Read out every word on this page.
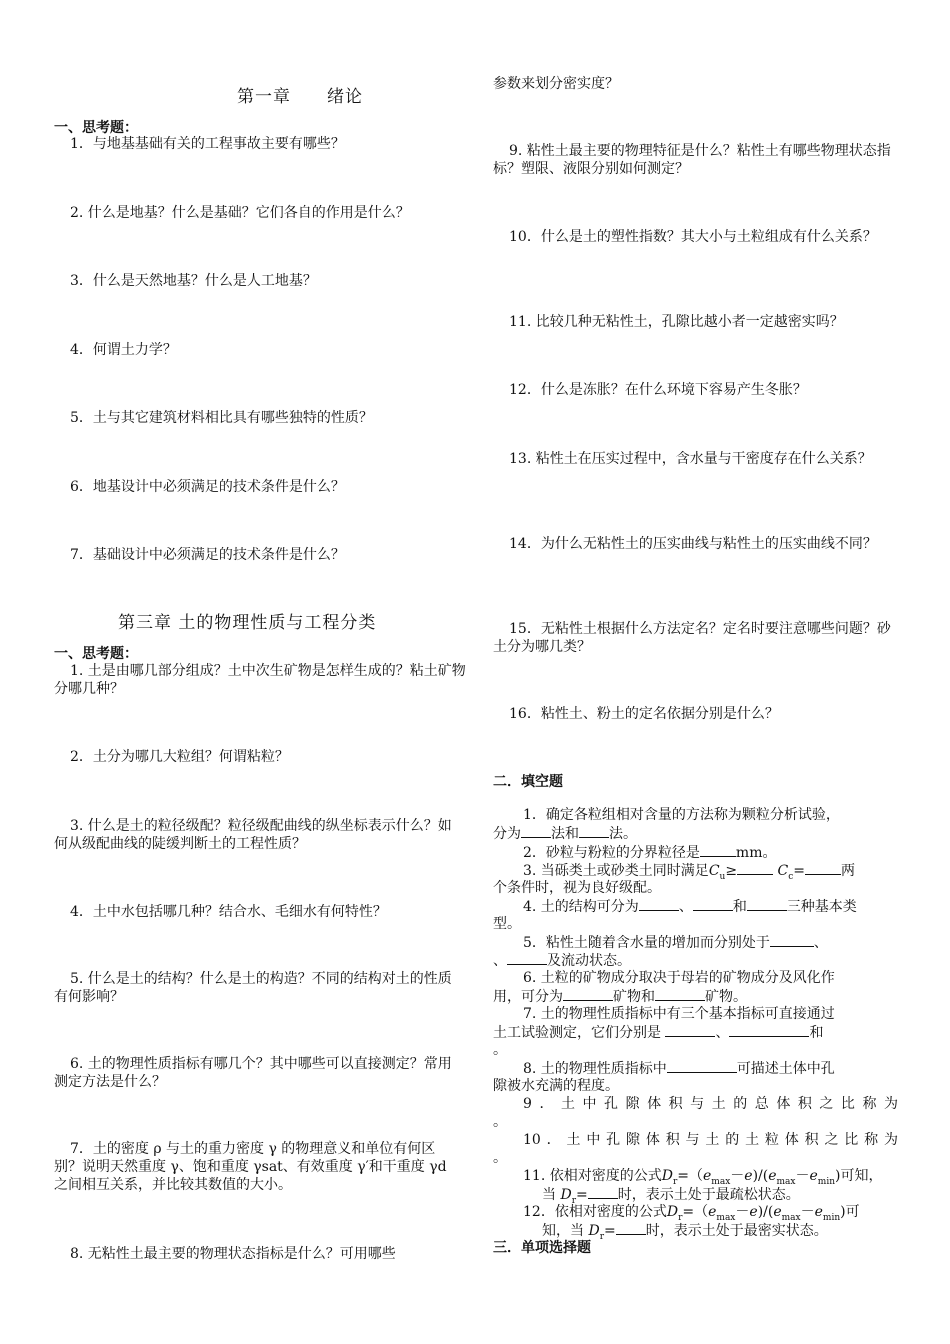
第一章　　绪论
一、思考题：
1．与地基基础有关的工程事故主要有哪些？
2. 什么是地基？什么是基础？它们各自的作用是什么？
3．什么是天然地基？什么是人工地基？
4．何谓土力学？
5．土与其它建筑材料相比具有哪些独特的性质？
6．地基设计中必须满足的技术条件是什么？
7．基础设计中必须满足的技术条件是什么？
第三章 土的物理性质与工程分类
一、思考题：
1. 土是由哪几部分组成？土中次生矿物是怎样生成的？粘土矿物分哪几种？
2．土分为哪几大粒组？何谓粘粒？
3. 什么是土的粒径级配？粒径级配曲线的纵坐标表示什么？如何从级配曲线的陡缓判断土的工程性质？
4．土中水包括哪几种？结合水、毛细水有何特性？
5. 什么是土的结构？什么是土的构造？不同的结构对土的性质有何影响？
6. 土的物理性质指标有哪几个？其中哪些可以直接测定？常用测定方法是什么？
7．土的密度 ρ 与土的重力密度 γ 的物理意义和单位有何区别？说明天然重度 γ、饱和重度 γsat、有效重度 γ′和干重度 γd 之间相互关系，并比较其数值的大小。
8. 无粘性土最主要的物理状态指标是什么？可用哪些
参数来划分密实度？
9. 粘性土最主要的物理特征是什么？粘性土有哪些物理状态指标？塑限、液限分别如何测定？
10．什么是土的塑性指数？其大小与土粒组成有什么关系？
11. 比较几种无粘性土，孔隙比越小者一定越密实吗？
12．什么是冻胀？在什么环境下容易产生冬胀？
13. 粘性土在压实过程中，含水量与干密度存在什么关系？
14．为什么无粘性土的压实曲线与粘性土的压实曲线不同？
15．无粘性土根据什么方法定名？定名时要注意哪些问题？砂土分为哪几类？
16．粘性土、粉土的定名依据分别是什么？
二．填空题
1．确定各粒组相对含量的方法称为颗粒分析试验，
分为 法和 法。
2．砂粒与粉粒的分界粒径是	mm。
3. 当砾类土或砂类土同时满足$C_u\ge$	$C_c=$	两
个条件时，视为良好级配。
4. 土的结构可分为	、	和	三种基本类
型。
5．粘性土随着含水量的增加而分别处于	、
、	及流动状态。
6. 土粒的矿物成分取决于母岩的矿物成分及风化作
用，可分为	矿物和	矿物。
7. 土的物理性质指标中有三个基本指标可直接通过
土工试验测定，它们分别是	、	和
。
8. 土的物理性质指标中	可描述土体中孔
隙被水充满的程度。
9．土中孔隙体积与土的总体积之比称为
。
10．土中孔隙体积与土的土粒体积之比称为
。
11. 依相对密度的公式$D_r=(e_{max}-e)/(e_{max}-e_{min})$可知，
当 $D_r=$ 时，表示土处于最疏松状态。
12．依相对密度的公式$D_r=(e_{max}-e)/(e_{max}-e_{min})$可
知，当 $D_r=$ 时，表示土处于最密实状态。
三．单项选择题
